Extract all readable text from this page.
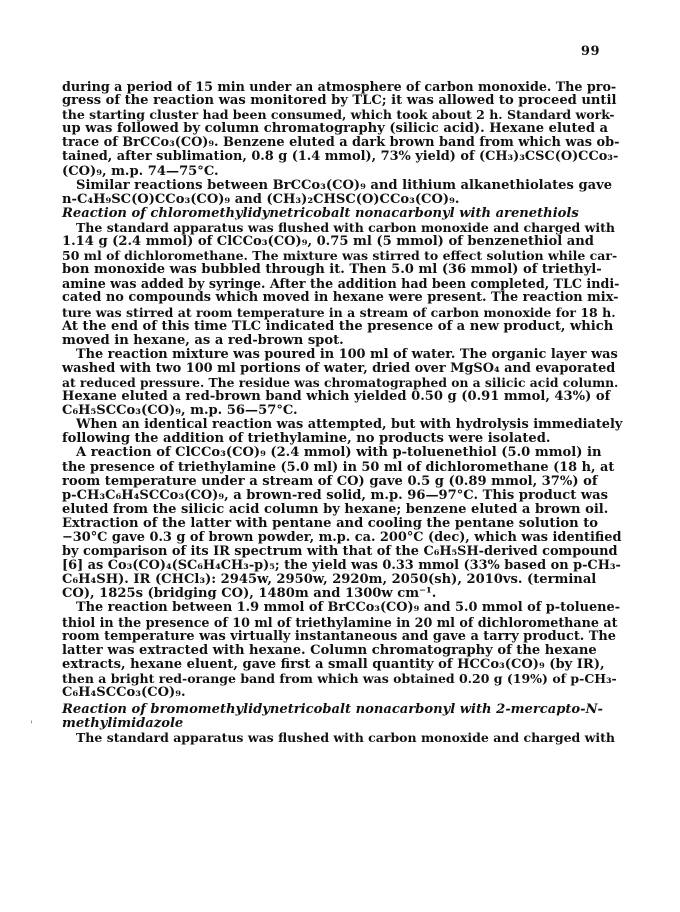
99
'
during a period of 15 min under an atmosphere of carbon monoxide. The pro-
gress of the reaction was monitored by TLC; it was allowed to proceed until
the starting cluster had been consumed, which took about 2 h. Standard work-
up was followed by column chromatography (silicic acid). Hexane eluted a
trace of BrCCo₃(CO)₉. Benzene eluted a dark brown band from which was ob-
tained, after sublimation, 0.8 g (1.4 mmol), 73% yield) of (CH₃)₃CSC(O)CCo₃-
(CO)₉, m.p. 74—75°C.
Similar reactions between BrCCo₃(CO)₉ and lithium alkanethiolates gave
n-C₄H₉SC(O)CCo₃(CO)₉ and (CH₃)₂CHSC(O)CCo₃(CO)₉.
Reaction of chloromethylidynetricobalt nonacarbonyl with arenethiols
The standard apparatus was flushed with carbon monoxide and charged with
1.14 g (2.4 mmol) of ClCCo₃(CO)₉, 0.75 ml (5 mmol) of benzenethiol and
50 ml of dichloromethane. The mixture was stirred to effect solution while car-
bon monoxide was bubbled through it. Then 5.0 ml (36 mmol) of triethyl-
amine was added by syringe. After the addition had been completed, TLC indi-
cated no compounds which moved in hexane were present. The reaction mix-
ture was stirred at room temperature in a stream of carbon monoxide for 18 h.
At the end of this time TLC indicated the presence of a new product, which
moved in hexane, as a red-brown spot.
The reaction mixture was poured in 100 ml of water. The organic layer was
washed with two 100 ml portions of water, dried over MgSO₄ and evaporated
at reduced pressure. The residue was chromatographed on a silicic acid column.
Hexane eluted a red-brown band which yielded 0.50 g (0.91 mmol, 43%) of
C₆H₅SCCo₃(CO)₉, m.p. 56—57°C.
When an identical reaction was attempted, but with hydrolysis immediately
following the addition of triethylamine, no products were isolated.
A reaction of ClCCo₃(CO)₉ (2.4 mmol) with p-toluenethiol (5.0 mmol) in
the presence of triethylamine (5.0 ml) in 50 ml of dichloromethane (18 h, at
room temperature under a stream of CO) gave 0.5 g (0.89 mmol, 37%) of
p-CH₃C₆H₄SCCo₃(CO)₉, a brown-red solid, m.p. 96—97°C. This product was
eluted from the silicic acid column by hexane; benzene eluted a brown oil.
Extraction of the latter with pentane and cooling the pentane solution to
−30°C gave 0.3 g of brown powder, m.p. ca. 200°C (dec), which was identified
by comparison of its IR spectrum with that of the C₆H₅SH-derived compound
[6] as Co₃(CO)₄(SC₆H₄CH₃-p)₅; the yield was 0.33 mmol (33% based on p-CH₃-
C₆H₄SH). IR (CHCl₃): 2945w, 2950w, 2920m, 2050(sh), 2010vs. (terminal
CO), 1825s (bridging CO), 1480m and 1300w cm⁻¹.
The reaction between 1.9 mmol of BrCCo₃(CO)₉ and 5.0 mmol of p-toluene-
thiol in the presence of 10 ml of triethylamine in 20 ml of dichloromethane at
room temperature was virtually instantaneous and gave a tarry product. The
latter was extracted with hexane. Column chromatography of the hexane
extracts, hexane eluent, gave first a small quantity of HCCo₃(CO)₉ (by IR),
then a bright red-orange band from which was obtained 0.20 g (19%) of p-CH₃-
C₆H₄SCCo₃(CO)₉.
Reaction of bromomethylidynetricobalt nonacarbonyl with 2-mercapto-N-
methylimidazole
The standard apparatus was flushed with carbon monoxide and charged with
